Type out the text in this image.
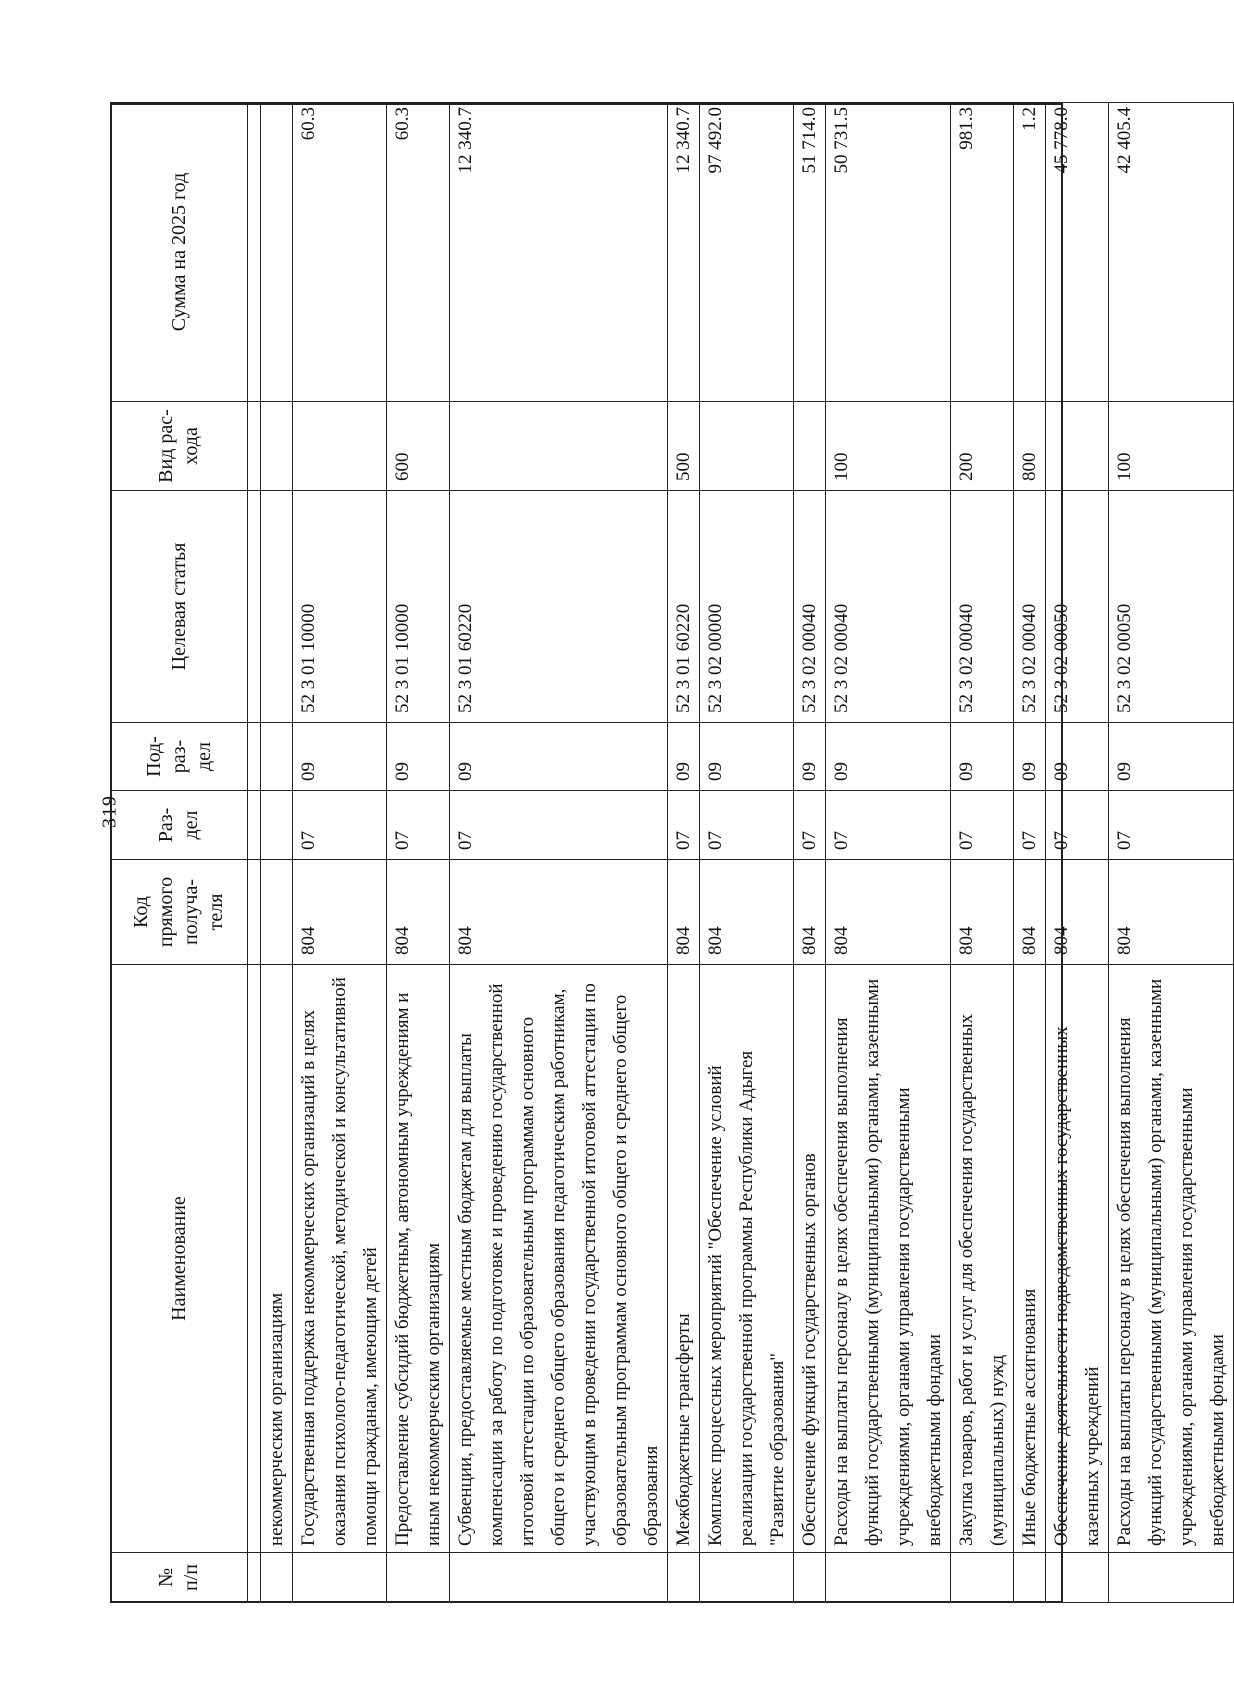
- 319 -
№ п/п	Наименование	Код прямого получа- теля	Раз- дел	Под- раз- дел	Целевая статья	Вид рас- хода	Сумма на 2025 год

	некоммерческим организациям						
	Государственная поддержка некоммерческих организаций в целях оказания психолого-педагогической, методической и консультативной помощи гражданам, имеющим детей	804	07	09	52 3 01 10000		60.3
	Предоставление субсидий бюджетным, автономным учреждениям и иным некоммерческим организациям	804	07	09	52 3 01 10000	600	60.3
	Субвенции, предоставляемые местным бюджетам для выплаты компенсации за работу по подготовке и проведению государственной итоговой аттестации по образовательным программам основного общего и среднего общего образования педагогическим работникам, участвующим в проведении государственной итоговой аттестации по образовательным программам основного общего и среднего общего образования	804	07	09	52 3 01 60220		12 340.7
	Межбюджетные трансферты	804	07	09	52 3 01 60220	500	12 340.7
	Комплекс процессных мероприятий "Обеспечение условий реализации государственной программы Республики Адыгея "Развитие образования"	804	07	09	52 3 02 00000		97 492.0
	Обеспечение функций государственных органов	804	07	09	52 3 02 00040		51 714.0
	Расходы на выплаты персоналу в целях обеспечения выполнения функций государственными (муниципальными) органами, казенными учреждениями, органами управления государственными внебюджетными фондами	804	07	09	52 3 02 00040	100	50 731.5
	Закупка товаров, работ и услуг для обеспечения государственных (муниципальных) нужд	804	07	09	52 3 02 00040	200	981.3
	Иные бюджетные ассигнования	804	07	09	52 3 02 00040	800	1.2
	Обеспечение деятельности подведомственных государственных казенных учреждений	804	07	09	52 3 02 00050		45 778.0
	Расходы на выплаты персоналу в целях обеспечения выполнения функций государственными (муниципальными) органами, казенными учреждениями, органами управления государственными внебюджетными фондами	804	07	09	52 3 02 00050	100	42 405.4
